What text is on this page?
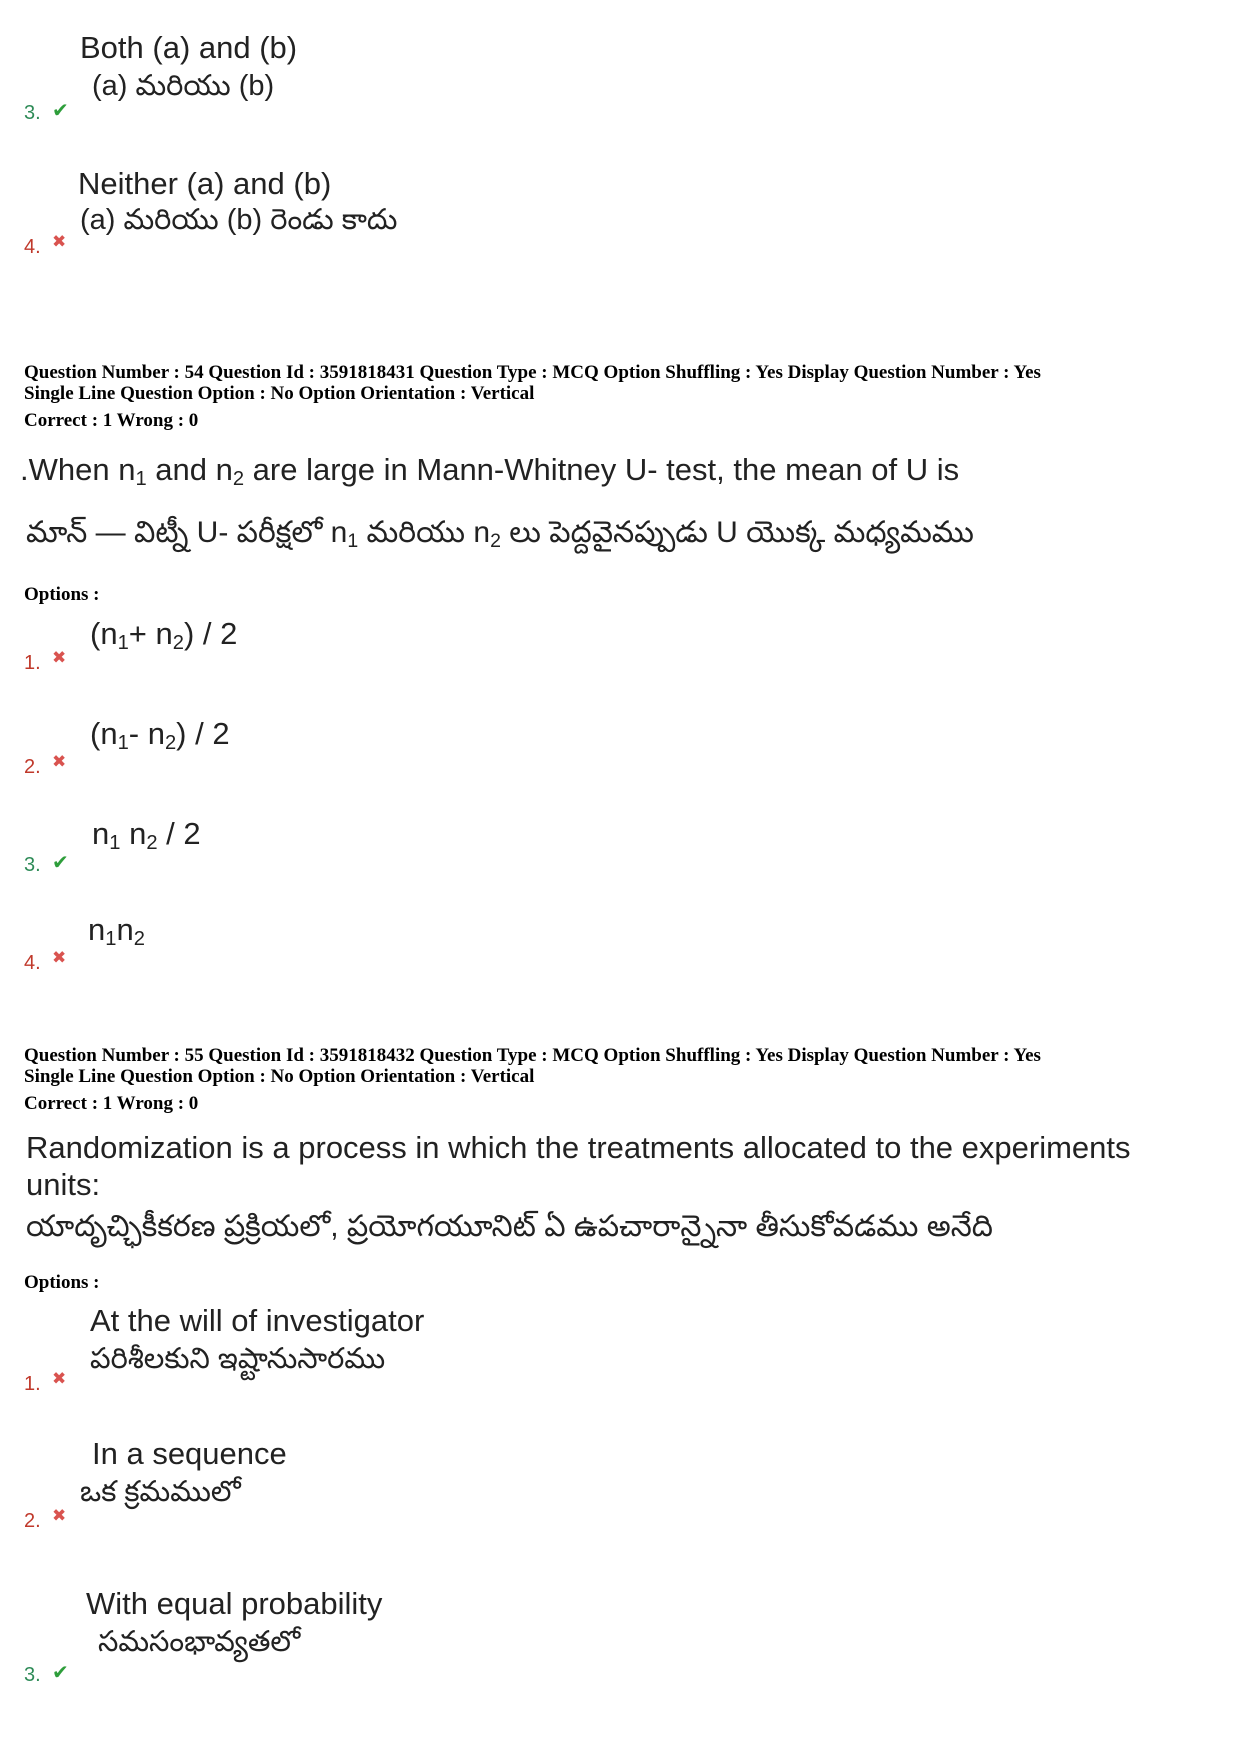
Both (a) and (b)
(a) మరియు (b)
3. ✔
Neither (a) and (b)
(a) మరియు (b) రెండు కాదు
4. ✖
Question Number : 54 Question Id : 3591818431 Question Type : MCQ Option Shuffling : Yes Display Question Number : Yes
Single Line Question Option : No Option Orientation : Vertical
Correct : 1 Wrong : 0
.When $n_1$ and $n_2$ are large in Mann-Whitney U- test, the mean of U is
మాన్ — విట్నీ U- పరీక్షలో $n_1$ మరియు $n_2$ లు పెద్దవైనప్పుడు U యొక్క మధ్యమము
Options :
$(n_1+ n_2) / 2$
1. ✖
($n_1-$ $n_2) / 2$
2. ✖
$n_1$ $n_2 / 2$
3. ✔
$n_1n_2$
4. ✖
Question Number : 55 Question Id : 3591818432 Question Type : MCQ Option Shuffling : Yes Display Question Number : Yes
Single Line Question Option : No Option Orientation : Vertical
Correct : 1 Wrong : 0
Randomization is a process in which the treatments allocated to the experiments
units:
యాదృచ్ఛికీకరణ ప్రక్రియలో, ప్రయోగయూనిట్ ఏ ఉపచారాన్నైనా తీసుకోవడము అనేది
Options :
At the will of investigator
పరిశీలకుని ఇష్టానుసారము
1. ✖
In a sequence
ఒక క్రమములో
2. ✖
With equal probability
సమసంభావ్యతలో
3. ✔
